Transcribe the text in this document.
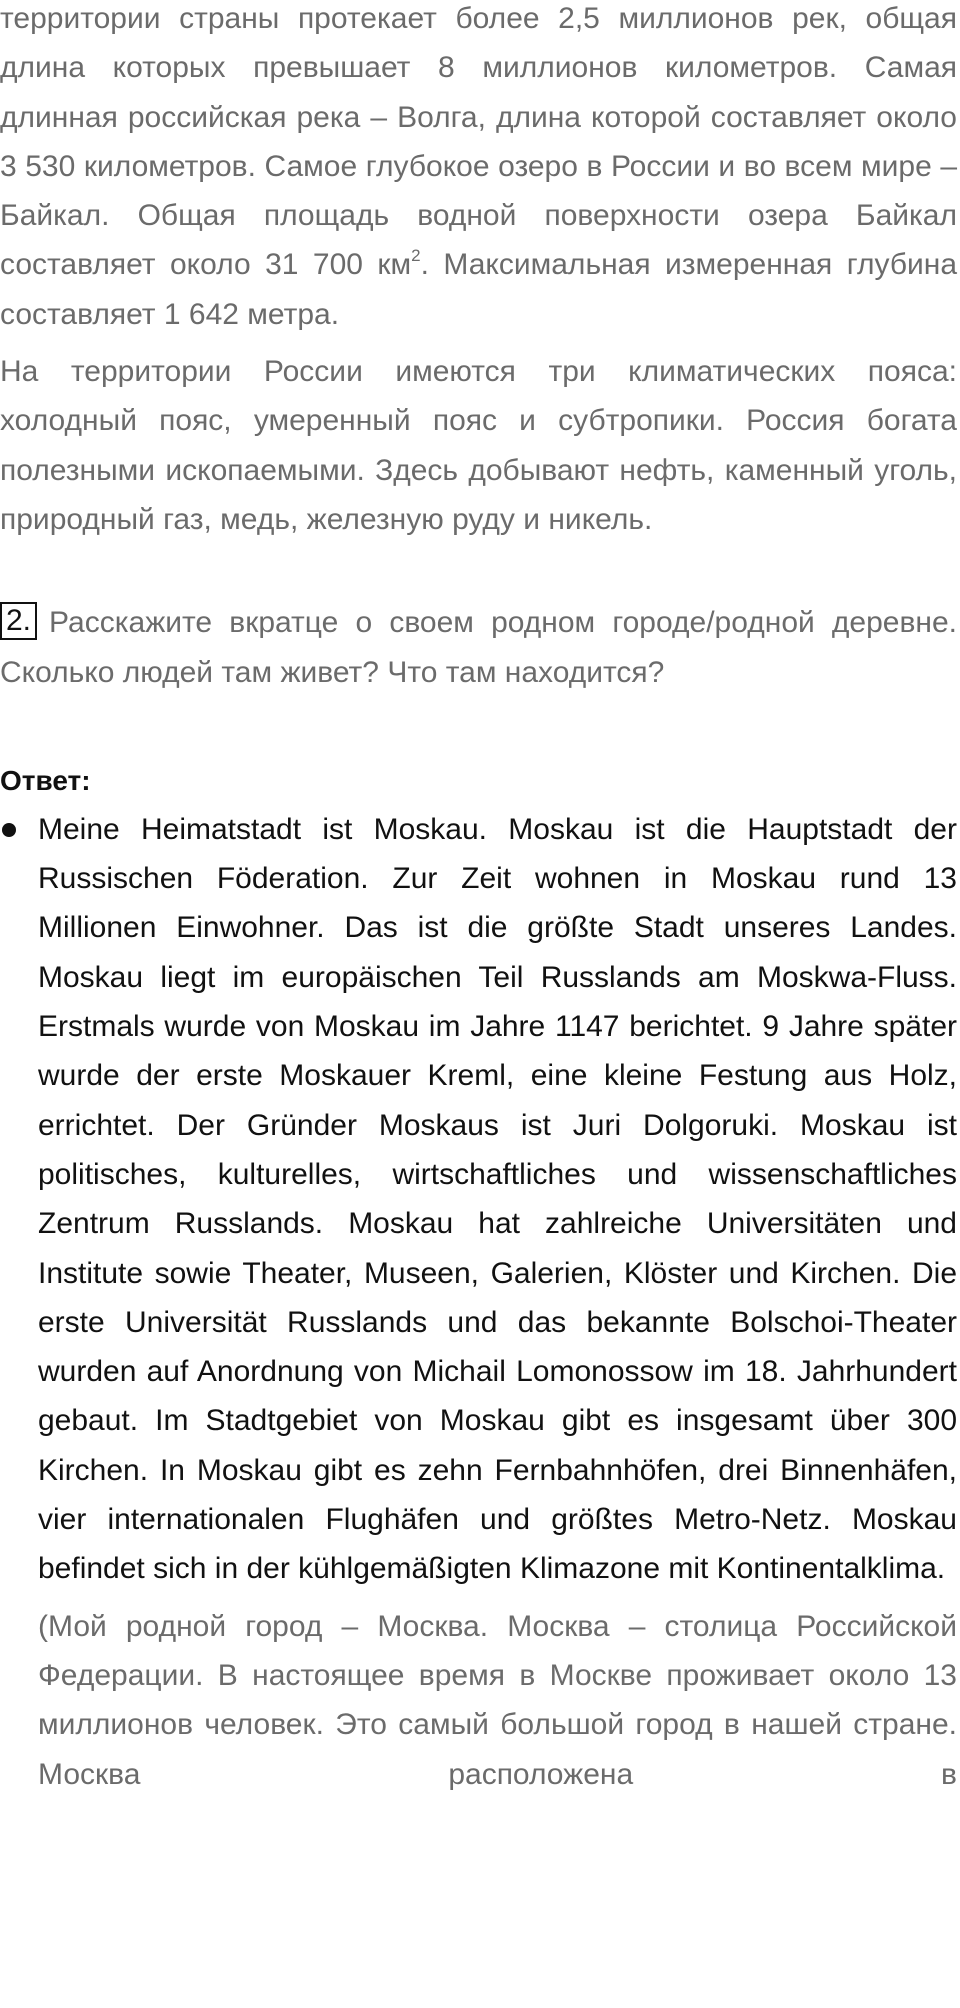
территории страны протекает более 2,5 миллионов рек, общая длина которых превышает 8 миллионов километров. Самая длинная российская река – Волга, длина которой составляет около 3 530 километров. Самое глубокое озеро в России и во всем мире – Байкал. Общая площадь водной поверхности озера Байкал составляет около 31 700 $км^2$. Максимальная измеренная глубина составляет 1 642 метра.

На территории России имеются три климатических пояса: холодный пояс, умеренный пояс и субтропики. Россия богата полезными ископаемыми. Здесь добывают нефть, каменный уголь, природный газ, медь, железную руду и никель.

2. Расскажите вкратце о своем родном городе/родной деревне. Сколько людей там живет? Что там находится?

Ответ:

Meine Heimatstadt ist Moskau. Moskau ist die Hauptstadt der Russischen Föderation. Zur Zeit wohnen in Moskau rund 13 Millionen Einwohner. Das ist die größte Stadt unseres Landes. Moskau liegt im europäischen Teil Russlands am Moskwa-Fluss. Erstmals wurde von Moskau im Jahre 1147 berichtet. 9 Jahre später wurde der erste Moskauer Kreml, eine kleine Festung aus Holz, errichtet. Der Gründer Moskaus ist Juri Dolgoruki. Moskau ist politisches, kulturelles, wirtschaftliches und wissenschaftliches Zentrum Russlands. Moskau hat zahlreiche Universitäten und Institute sowie Theater, Museen, Galerien, Klöster und Kirchen. Die erste Universität Russlands und das bekannte Bolschoi-Theater wurden auf Anordnung von Michail Lomonossow im 18. Jahrhundert gebaut. Im Stadtgebiet von Moskau gibt es insgesamt über 300 Kirchen. In Moskau gibt es zehn Fernbahnhöfen, drei Binnenhäfen, vier internationalen Flughäfen und größtes Metro-Netz. Moskau befindet sich in der kühlgemäßigten Klimazone mit Kontinentalklima.

(Мой родной город – Москва. Москва – столица Российской Федерации. В настоящее время в Москве проживает около 13 миллионов человек. Это самый большой город в нашей стране. Москва расположена в
